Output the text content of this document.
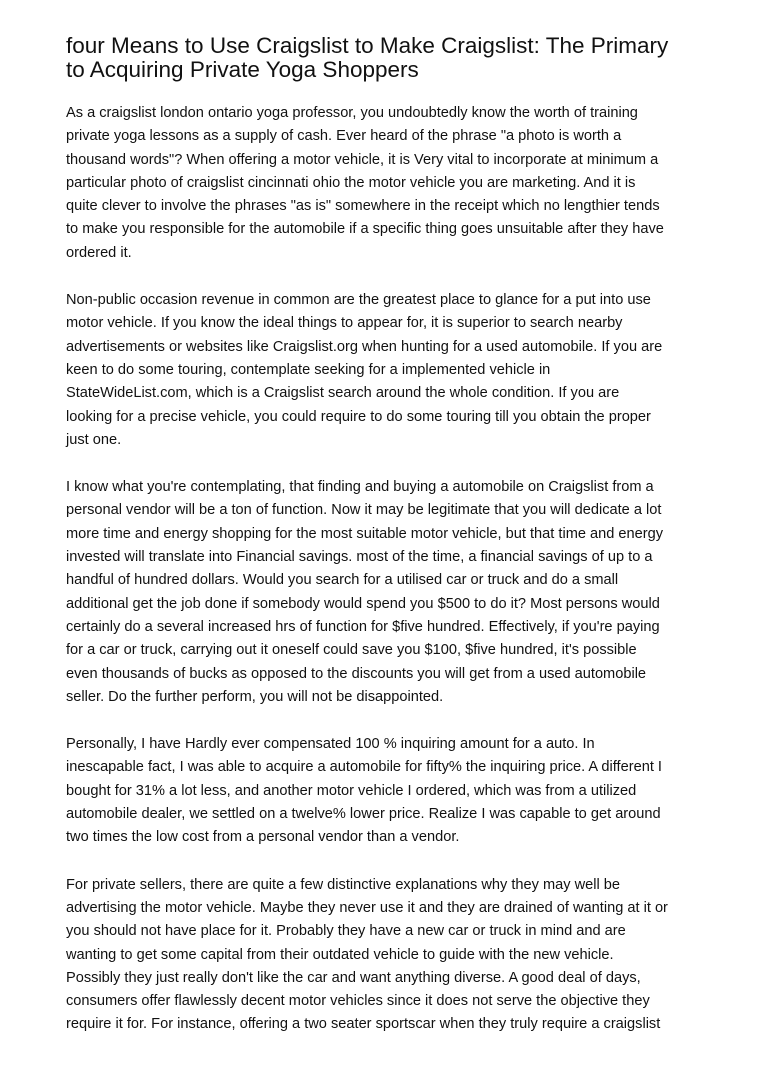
four Means to Use Craigslist to Make Craigslist: The Primary
to Acquiring Private Yoga Shoppers

As a craigslist london ontario yoga professor, you undoubtedly know the worth of training
private yoga lessons as a supply of cash. Ever heard of the phrase "a photo is worth a
thousand words"? When offering a motor vehicle, it is Very vital to incorporate at minimum a
particular photo of craigslist cincinnati ohio the motor vehicle you are marketing. And it is
quite clever to involve the phrases "as is" somewhere in the receipt which no lengthier tends
to make you responsible for the automobile if a specific thing goes unsuitable after they have
ordered it.

Non-public occasion revenue in common are the greatest place to glance for a put into use
motor vehicle. If you know the ideal things to appear for, it is superior to search nearby
advertisements or websites like Craigslist.org when hunting for a used automobile. If you are
keen to do some touring, contemplate seeking for a implemented vehicle in
StateWideList.com, which is a Craigslist search around the whole condition. If you are
looking for a precise vehicle, you could require to do some touring till you obtain the proper
just one.

I know what you're contemplating, that finding and buying a automobile on Craigslist from a
personal vendor will be a ton of function. Now it may be legitimate that you will dedicate a lot
more time and energy shopping for the most suitable motor vehicle, but that time and energy
invested will translate into Financial savings. most of the time, a financial savings of up to a
handful of hundred dollars. Would you search for a utilised car or truck and do a small
additional get the job done if somebody would spend you $500 to do it? Most persons would
certainly do a several increased hrs of function for $five hundred. Effectively, if you're paying
for a car or truck, carrying out it oneself could save you $100, $five hundred, it's possible
even thousands of bucks as opposed to the discounts you will get from a used automobile
seller. Do the further perform, you will not be disappointed.

Personally, I have Hardly ever compensated 100 % inquiring amount for a auto. In
inescapable fact, I was able to acquire a automobile for fifty% the inquiring price. A different I
bought for 31% a lot less, and another motor vehicle I ordered, which was from a utilized
automobile dealer, we settled on a twelve% lower price. Realize I was capable to get around
two times the low cost from a personal vendor than a vendor.

For private sellers, there are quite a few distinctive explanations why they may well be
advertising the motor vehicle. Maybe they never use it and they are drained of wanting at it or
you should not have place for it. Probably they have a new car or truck in mind and are
wanting to get some capital from their outdated vehicle to guide with the new vehicle.
Possibly they just really don't like the car and want anything diverse. A good deal of days,
consumers offer flawlessly decent motor vehicles since it does not serve the objective they
require it for. For instance, offering a two seater sportscar when they truly require a craigslist
